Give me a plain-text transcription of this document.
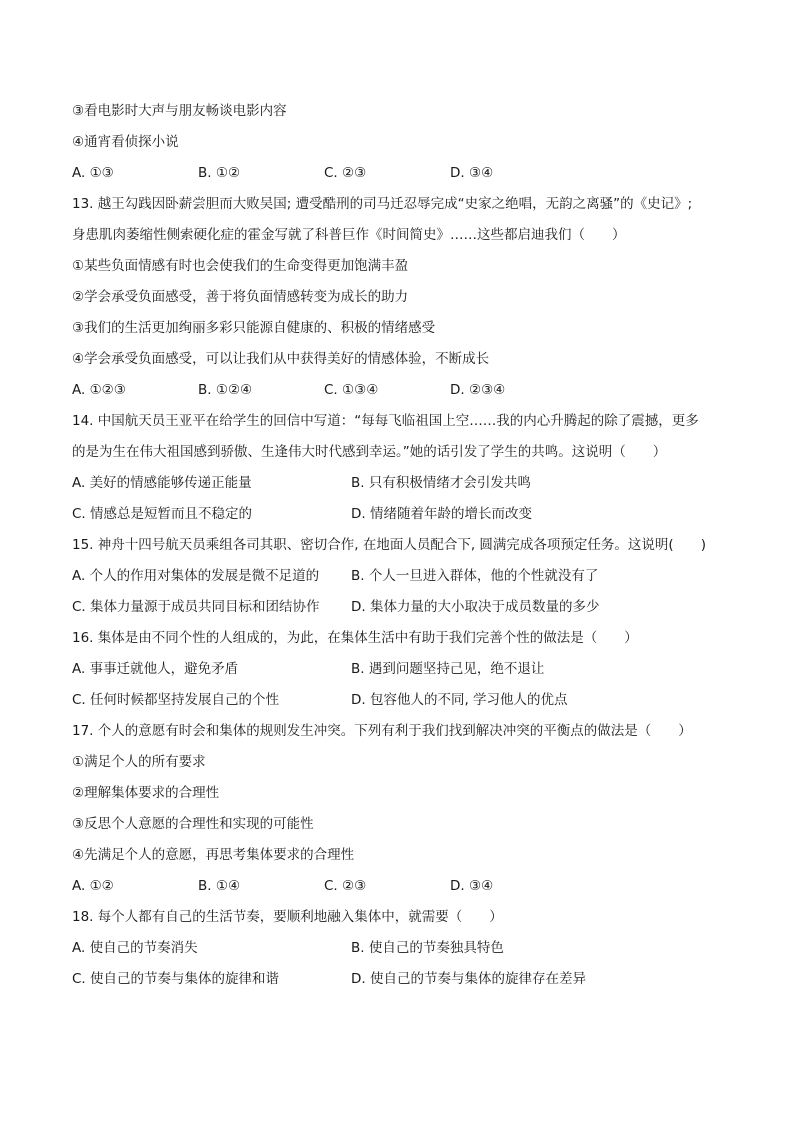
③看电影时大声与朋友畅谈电影内容
④通宵看侦探小说
A. ①③	B. ①②	C. ②③	D. ③④
13. 越王勾践因卧薪尝胆而大败吴国; 遭受酷刑的司马迁忍辱完成“史家之绝唱，无韵之离骚”的《史记》;
身患肌肉萎缩性侧索硬化症的霍金写就了科普巨作《时间简史》……这些都启迪我们（　　）
①某些负面情感有时也会使我们的生命变得更加饱满丰盈
②学会承受负面感受，善于将负面情感转变为成长的助力
③我们的生活更加绚丽多彩只能源自健康的、积极的情绪感受
④学会承受负面感受，可以让我们从中获得美好的情感体验，不断成长
A. ①②③	B. ①②④	C. ①③④	D. ②③④
14. 中国航天员王亚平在给学生的回信中写道：“每每飞临祖国上空……我的内心升腾起的除了震撼，更多
的是为生在伟大祖国感到骄傲、生逢伟大时代感到幸运。”她的话引发了学生的共鸣。这说明（　　）
A. 美好的情感能够传递正能量	B. 只有积极情绪才会引发共鸣
C. 情感总是短暂而且不稳定的	D. 情绪随着年龄的增长而改变
15. 神舟十四号航天员乘组各司其职、密切合作, 在地面人员配合下, 圆满完成各项预定任务。这说明(　　)
A. 个人的作用对集体的发展是微不足道的	B. 个人一旦进入群体，他的个性就没有了
C. 集体力量源于成员共同目标和团结协作	D. 集体力量的大小取决于成员数量的多少
16. 集体是由不同个性的人组成的，为此，在集体生活中有助于我们完善个性的做法是（　　）
A. 事事迁就他人，避免矛盾	B. 遇到问题坚持己见，绝不退让
C. 任何时候都坚持发展自己的个性	D. 包容他人的不同, 学习他人的优点
17. 个人的意愿有时会和集体的规则发生冲突。下列有利于我们找到解决冲突的平衡点的做法是（　　）
①满足个人的所有要求
②理解集体要求的合理性
③反思个人意愿的合理性和实现的可能性
④先满足个人的意愿，再思考集体要求的合理性
A. ①②	B. ①④	C. ②③	D. ③④
18. 每个人都有自己的生活节奏，要顺利地融入集体中，就需要（　　）
A. 使自己的节奏消失	B. 使自己的节奏独具特色
C. 使自己的节奏与集体的旋律和谐	D. 使自己的节奏与集体的旋律存在差异
